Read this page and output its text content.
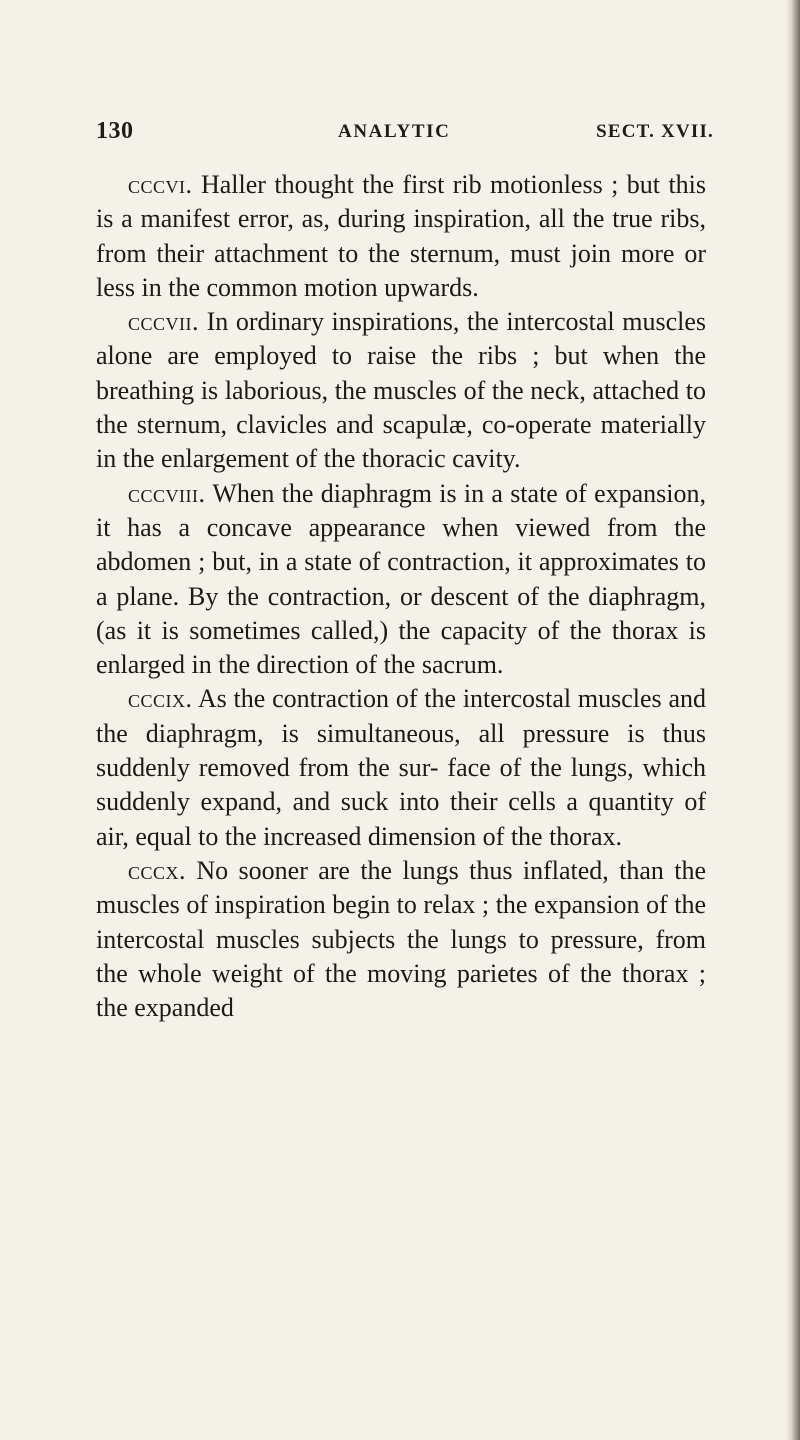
130	ANALYTIC	SECT. XVII.

cccvi. Haller thought the first rib motionless ; but this is a manifest error, as, during inspiration, all the true ribs, from their attachment to the sternum, must join more or less in the common motion upwards.

cccvii. In ordinary inspirations, the intercostal muscles alone are employed to raise the ribs ; but when the breathing is laborious, the muscles of the neck, attached to the sternum, clavicles and scapulæ, co-operate materially in the enlargement of the thoracic cavity.

cccviii. When the diaphragm is in a state of expansion, it has a concave appearance when viewed from the abdomen ; but, in a state of contraction, it approximates to a plane. By the contraction, or descent of the diaphragm, (as it is sometimes called,) the capacity of the thorax is enlarged in the direction of the sacrum.

cccix. As the contraction of the intercostal muscles and the diaphragm, is simultaneous, all pressure is thus suddenly removed from the sur- face of the lungs, which suddenly expand, and suck into their cells a quantity of air, equal to the increased dimension of the thorax.

cccx. No sooner are the lungs thus inflated, than the muscles of inspiration begin to relax ; the expansion of the intercostal muscles subjects the lungs to pressure, from the whole weight of the moving parietes of the thorax ; the expanded
